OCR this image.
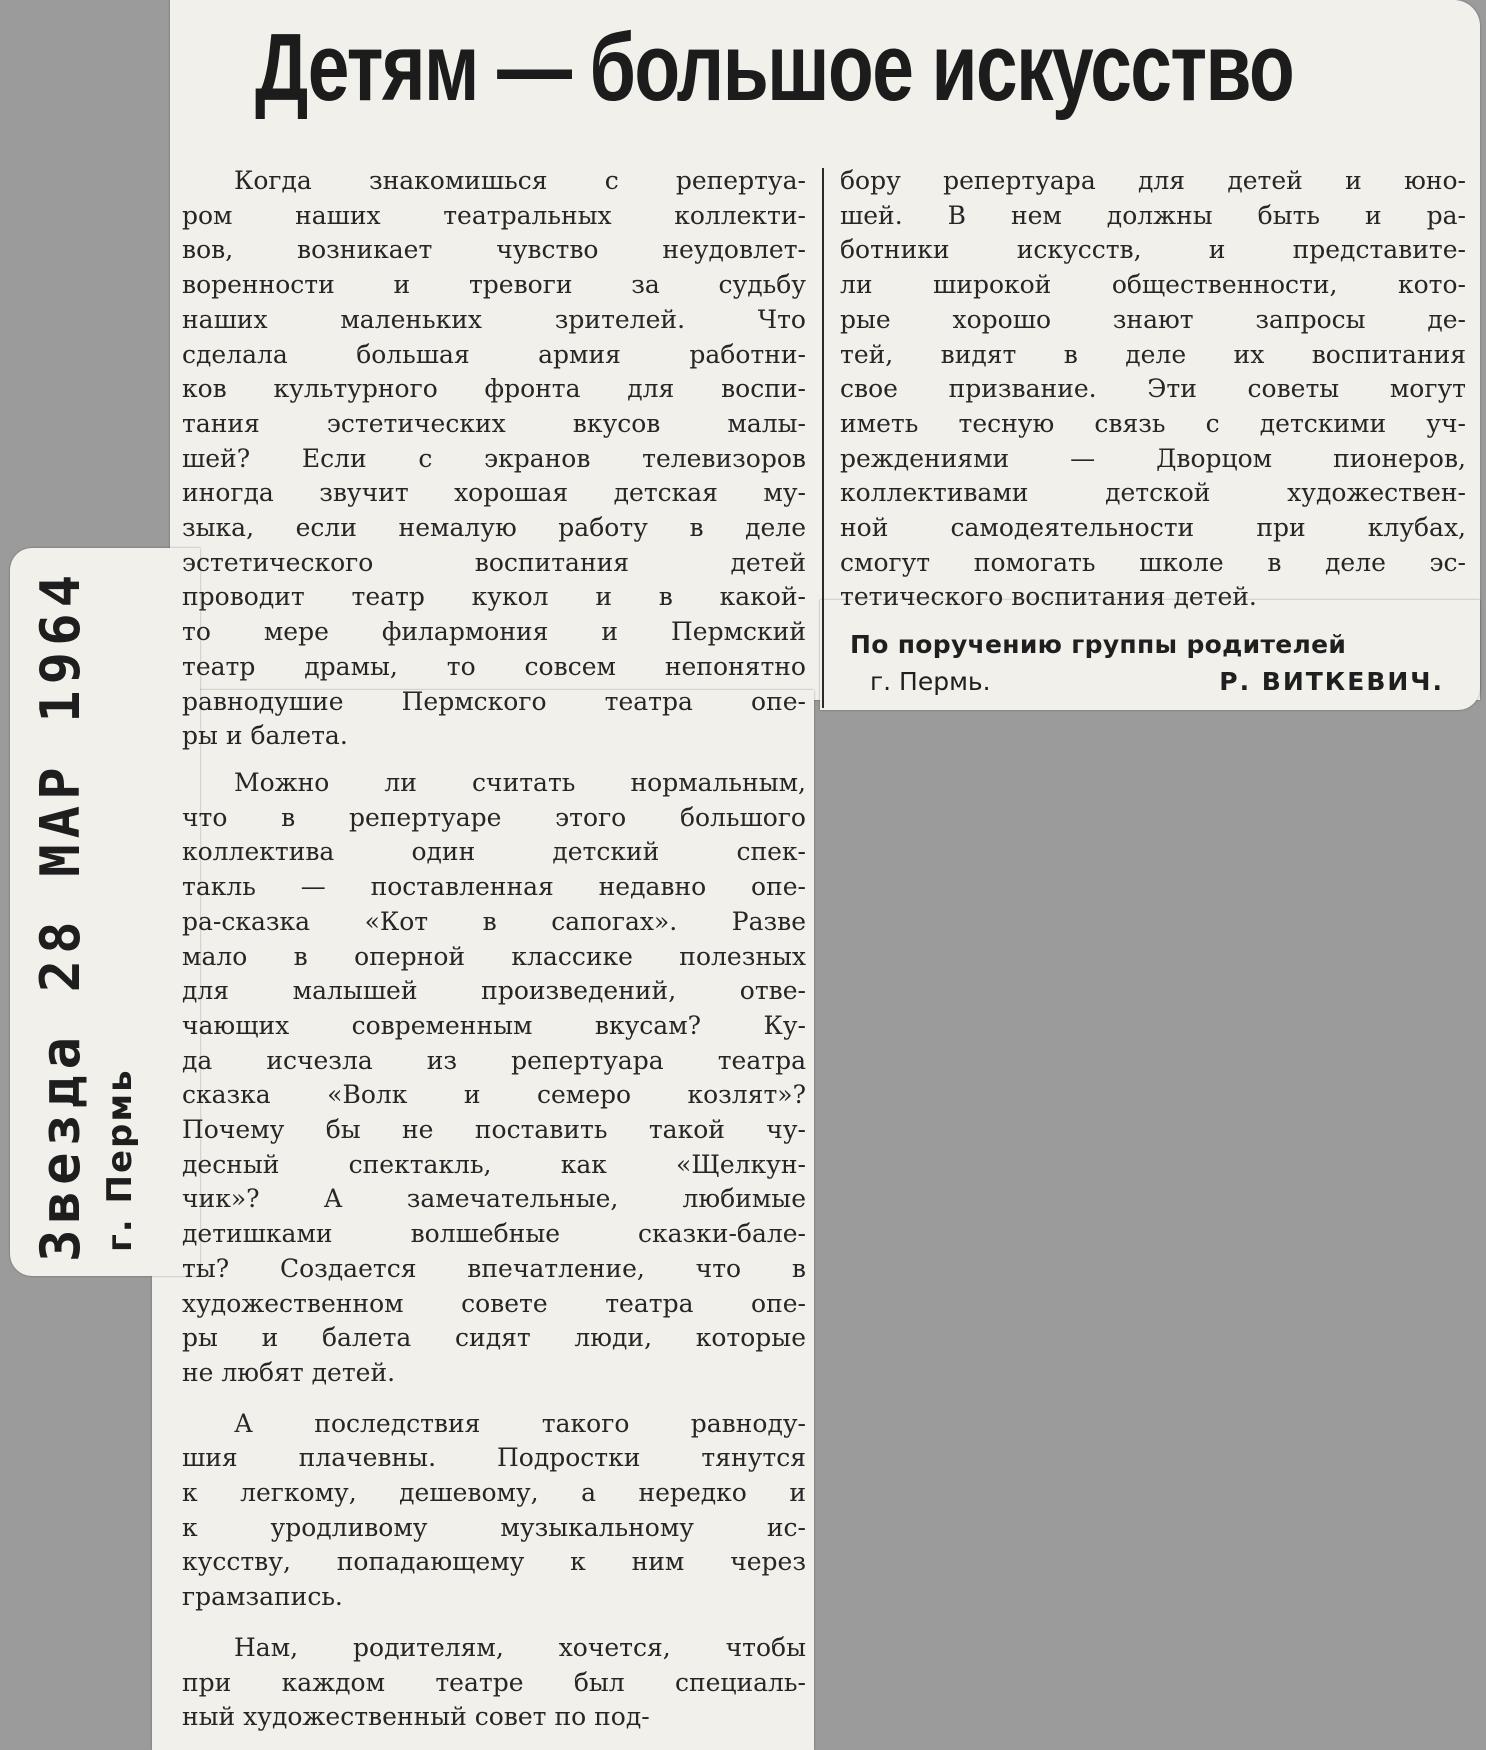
Детям — большое искусство
Когда знакомишься с репертуа-
ром наших театральных коллекти-
вов, возникает чувство неудовлет-
воренности и тревоги за судьбу
наших маленьких зрителей. Что
сделала большая армия работни-
ков культурного фронта для воспи-
тания эстетических вкусов малы-
шей? Если с экранов телевизоров
иногда звучит хорошая детская му-
зыка, если немалую работу в деле
эстетического воспитания детей
проводит театр кукол и в какой-
то мере филармония и Пермский
театр драмы, то совсем непонятно
равнодушие Пермского театра опе-
ры и балета.
Можно ли считать нормальным,
что в репертуаре этого большого
коллектива один детский спек-
такль — поставленная недавно опе-
ра-сказка «Кот в сапогах». Разве
мало в оперной классике полезных
для малышей произведений, отве-
чающих современным вкусам? Ку-
да исчезла из репертуара театра
сказка «Волк и семеро козлят»?
Почему бы не поставить такой чу-
десный спектакль, как «Щелкун-
чик»? А замечательные, любимые
детишками волшебные сказки-бале-
ты? Создается впечатление, что в
художественном совете театра опе-
ры и балета сидят люди, которые
не любят детей.
А последствия такого равноду-
шия плачевны. Подростки тянутся
к легкому, дешевому, а нередко и
к уродливому музыкальному ис-
кусству, попадающему к ним через
грамзапись.
Нам, родителям, хочется, чтобы
при каждом театре был специаль-
ный художественный совет по под-
бору репертуара для детей и юно-
шей. В нем должны быть и ра-
ботники искусств, и представите-
ли широкой общественности, кото-
рые хорошо знают запросы де-
тей, видят в деле их воспитания
свое призвание. Эти советы могут
иметь тесную связь с детскими уч-
реждениями — Дворцом пионеров,
коллективами детской художествен-
ной самодеятельности при клубах,
смогут помогать школе в деле эс-
тетического воспитания детей.
По поручению группы родителей
г. Пермь.	Р. ВИТКЕВИЧ.
Звезда 28 МАР 1964 г. Пермь
